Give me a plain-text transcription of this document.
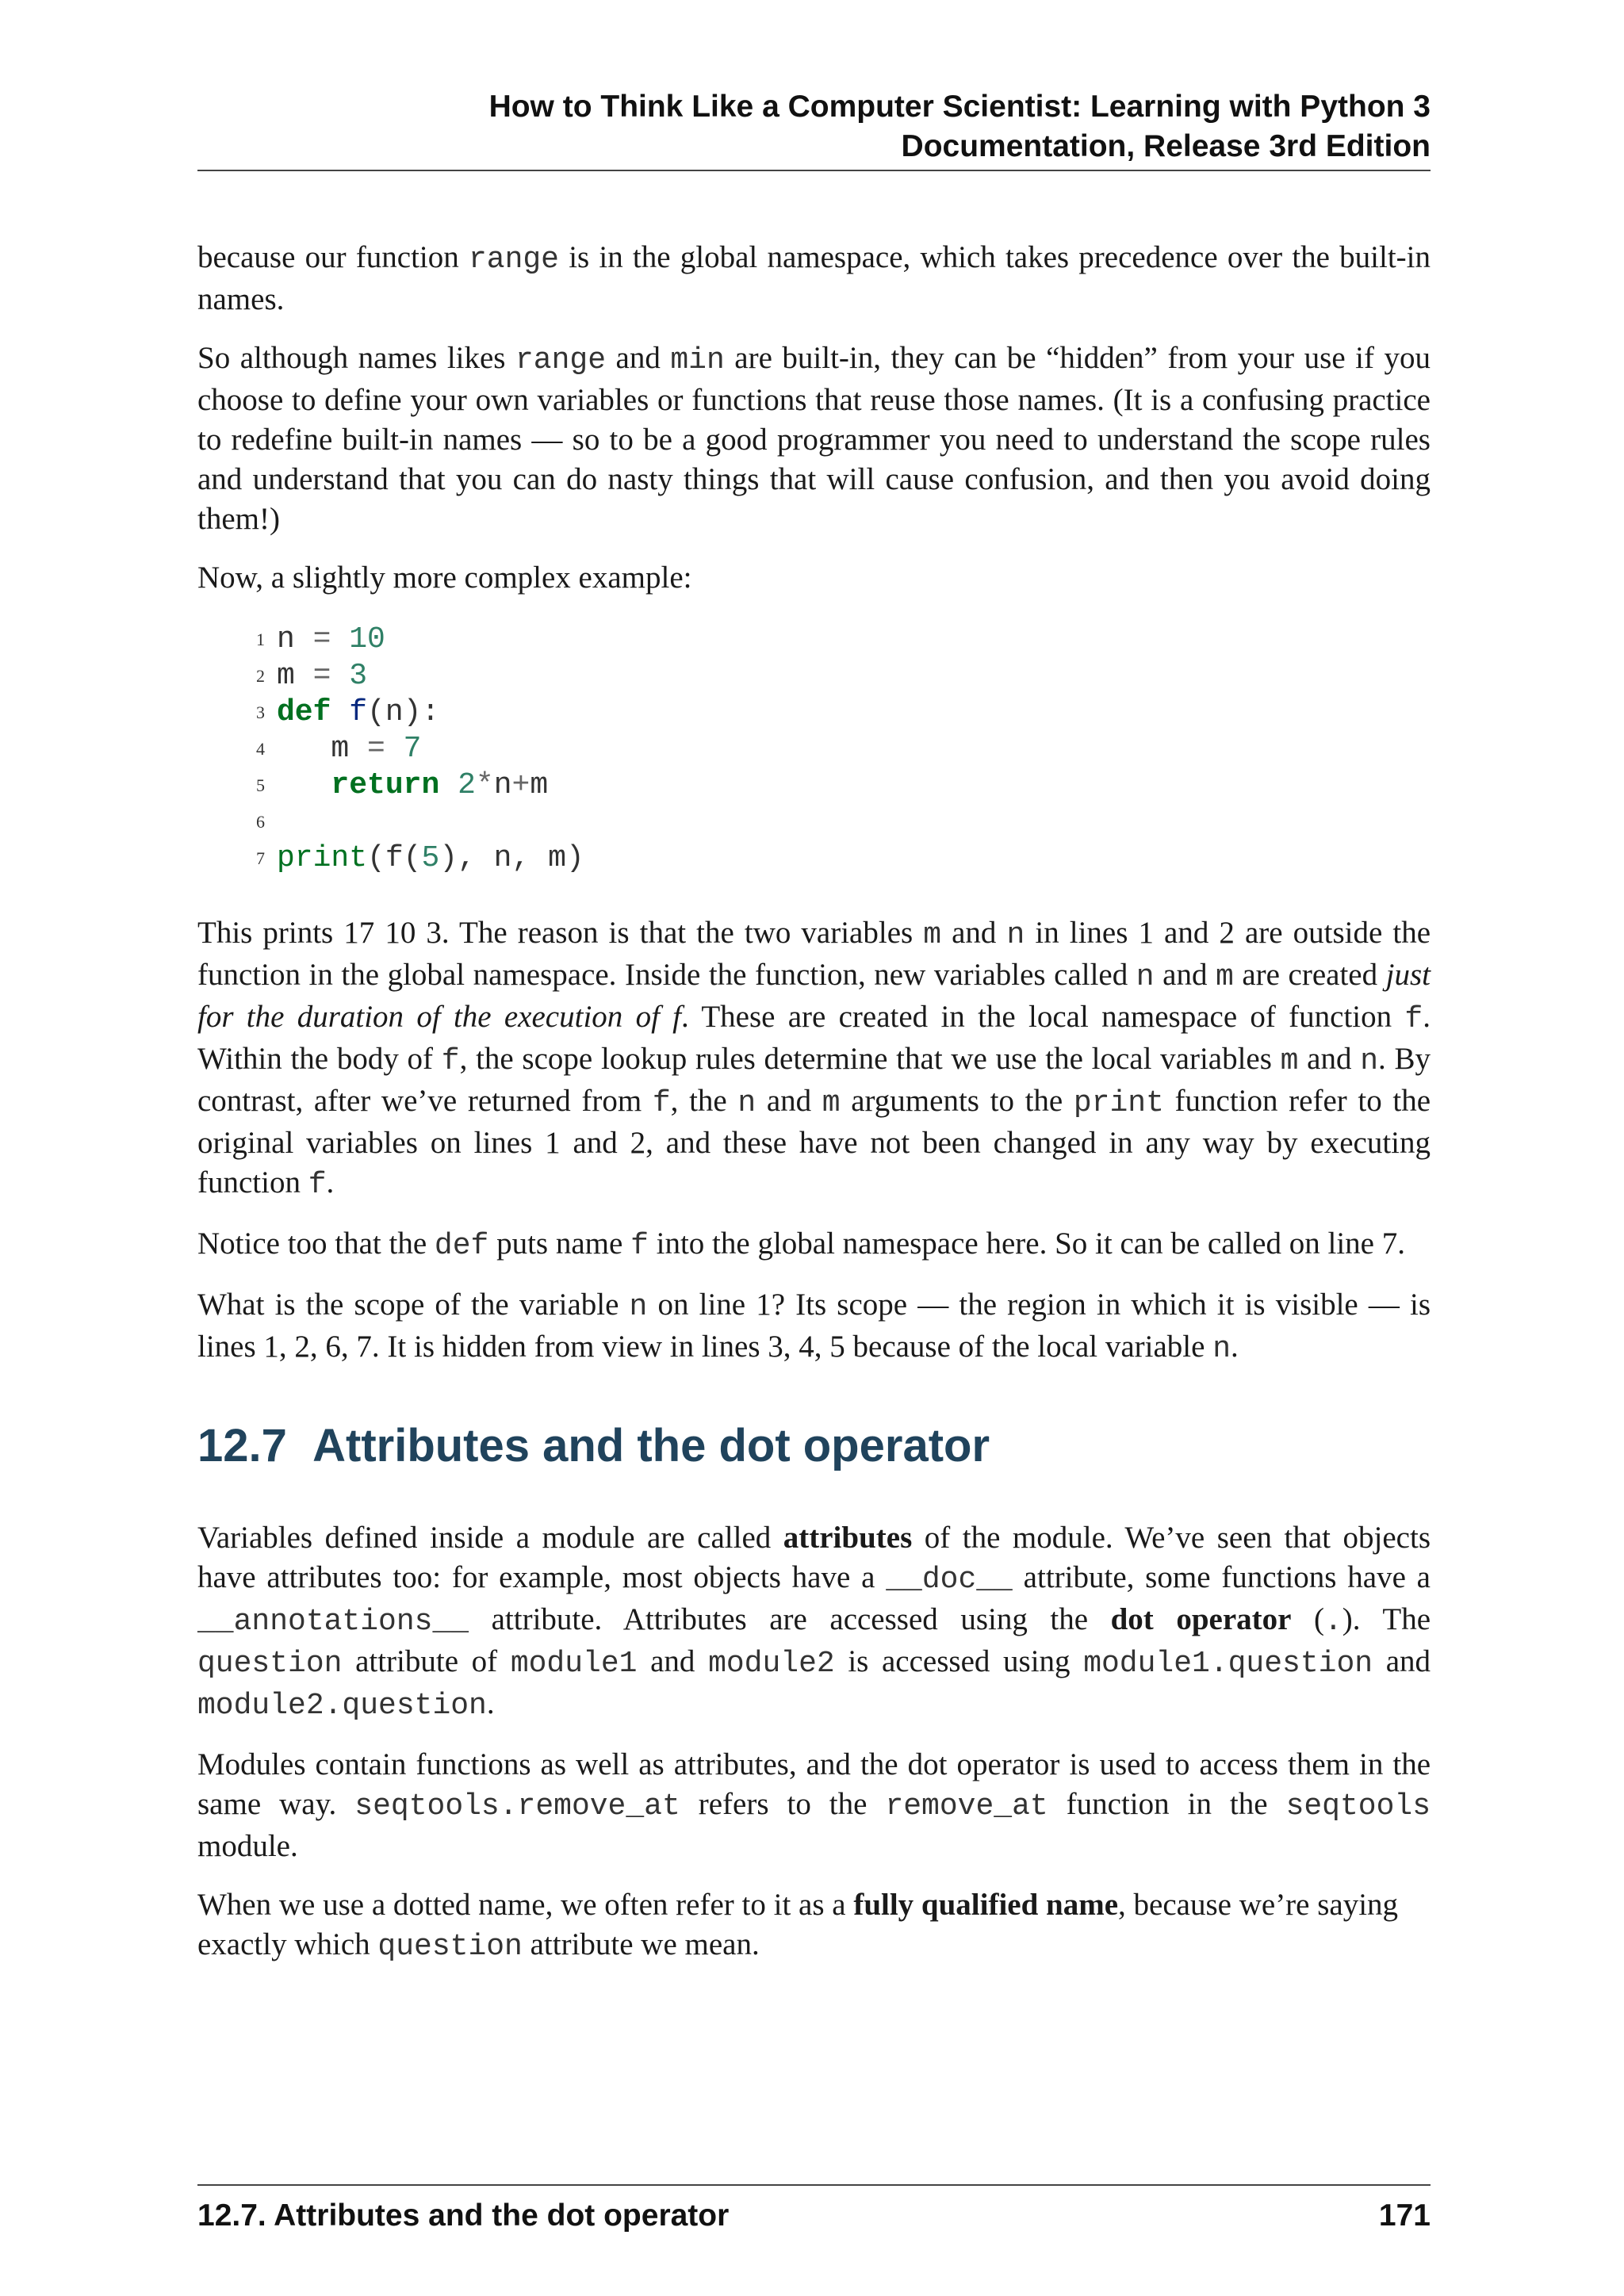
How to Think Like a Computer Scientist: Learning with Python 3
Documentation, Release 3rd Edition

because our function range is in the global namespace, which takes precedence over the built-in names.

So although names likes range and min are built-in, they can be “hidden” from your use if you choose to define your own variables or functions that reuse those names. (It is a confusing practice to redefine built-in names — so to be a good programmer you need to understand the scope rules and understand that you can do nasty things that will cause confusion, and then you avoid doing them!)

Now, a slightly more complex example:

1 n = 10
2 m = 3
3 def f(n):
4	m = 7
5	return 2*n+m
6
7 print(f(5), n, m)

This prints 17 10 3. The reason is that the two variables m and n in lines 1 and 2 are outside the function in the global namespace. Inside the function, new variables called n and m are created just for the duration of the execution of f. These are created in the local namespace of function f. Within the body of f, the scope lookup rules determine that we use the local variables m and n. By contrast, after we’ve returned from f, the n and m arguments to the print function refer to the original variables on lines 1 and 2, and these have not been changed in any way by executing function f.

Notice too that the def puts name f into the global namespace here. So it can be called on line 7.

What is the scope of the variable n on line 1? Its scope — the region in which it is visible — is lines 1, 2, 6, 7. It is hidden from view in lines 3, 4, 5 because of the local variable n.

12.7 Attributes and the dot operator

Variables defined inside a module are called attributes of the module. We’ve seen that objects have attributes too: for example, most objects have a __doc__ attribute, some functions have a __annotations__ attribute. Attributes are accessed using the dot operator (.). The question attribute of module1 and module2 is accessed using module1.question and module2.question.

Modules contain functions as well as attributes, and the dot operator is used to access them in the same way. seqtools.remove_at refers to the remove_at function in the seqtools module.

When we use a dotted name, we often refer to it as a fully qualified name, because we’re saying exactly which question attribute we mean.

12.7. Attributes and the dot operator	171
